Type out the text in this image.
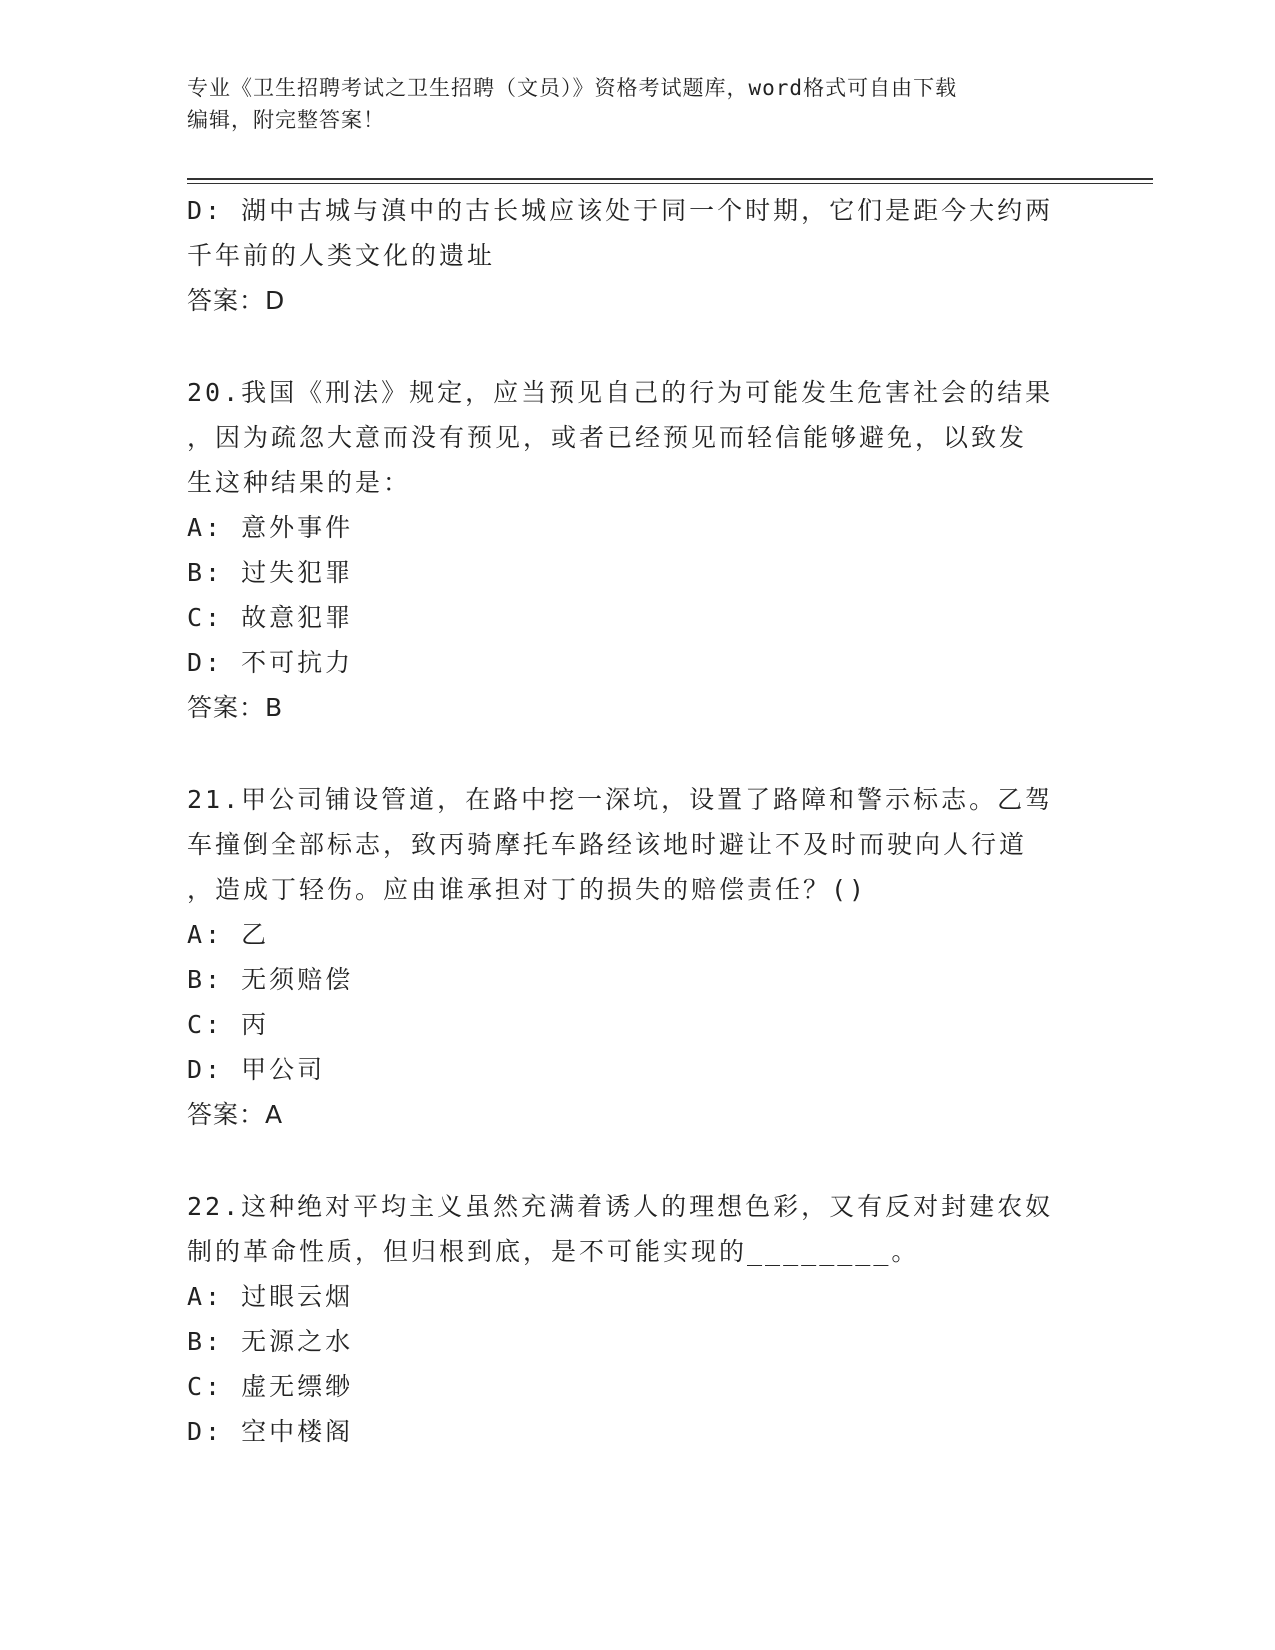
专业《卫生招聘考试之卫生招聘（文员）》资格考试题库，word格式可自由下载
编辑，附完整答案！
D: 湖中古城与滇中的古长城应该处于同一个时期，它们是距今大约两
千年前的人类文化的遗址
答案：D
20.我国《刑法》规定，应当预见自己的行为可能发生危害社会的结果
，因为疏忽大意而没有预见，或者已经预见而轻信能够避免，以致发
生这种结果的是：
A: 意外事件
B: 过失犯罪
C: 故意犯罪
D: 不可抗力
答案：B
21.甲公司铺设管道，在路中挖一深坑，设置了路障和警示标志。乙驾
车撞倒全部标志，致丙骑摩托车路经该地时避让不及时而驶向人行道
，造成丁轻伤。应由谁承担对丁的损失的赔偿责任？()
A: 乙
B: 无须赔偿
C: 丙
D: 甲公司
答案：A
22.这种绝对平均主义虽然充满着诱人的理想色彩，又有反对封建农奴
制的革命性质，但归根到底，是不可能实现的________。
A: 过眼云烟
B: 无源之水
C: 虚无缥缈
D: 空中楼阁
